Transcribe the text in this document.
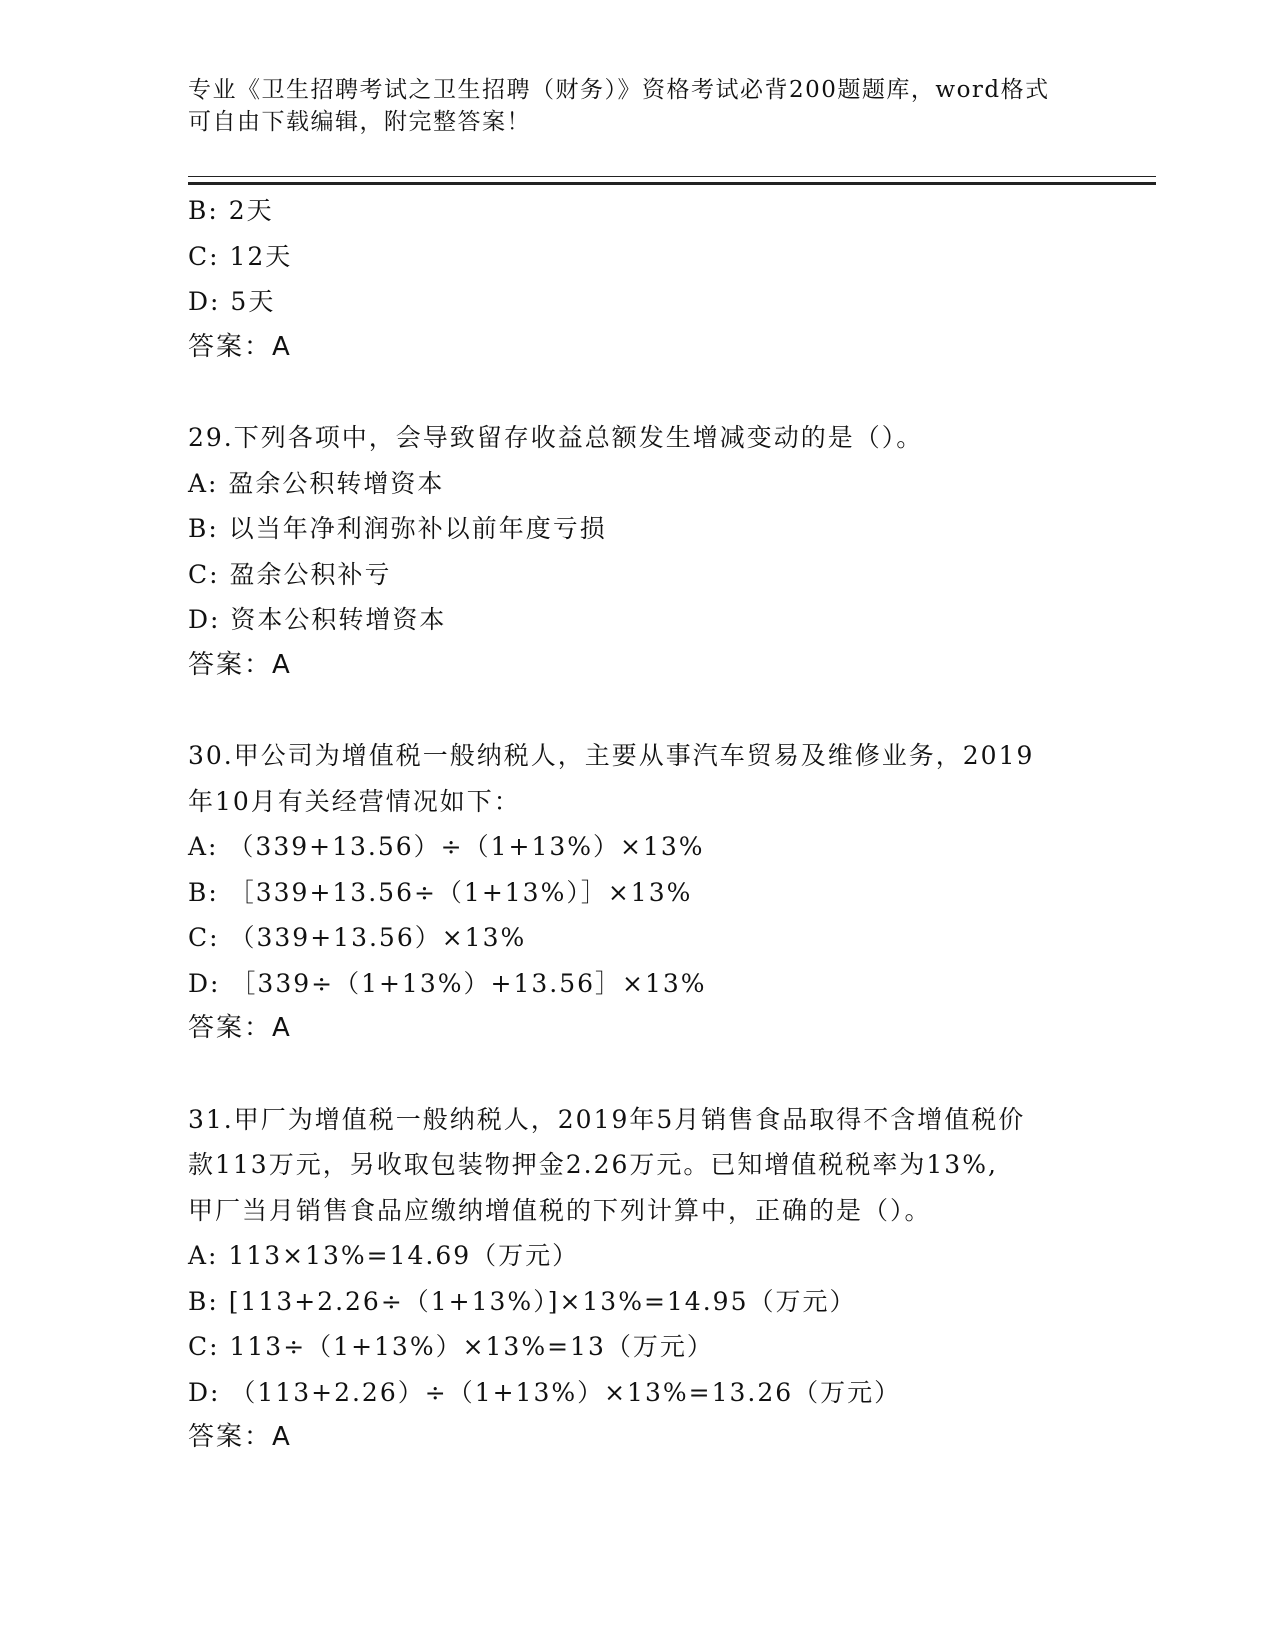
专业《卫生招聘考试之卫生招聘（财务）》资格考试必背200题题库，word格式
可自由下载编辑，附完整答案！
B: 2天
C: 12天
D: 5天
答案：A
29.下列各项中，会导致留存收益总额发生增减变动的是（）。
A: 盈余公积转增资本
B: 以当年净利润弥补以前年度亏损
C: 盈余公积补亏
D: 资本公积转增资本
答案：A
30.甲公司为增值税一般纳税人，主要从事汽车贸易及维修业务，2019
年10月有关经营情况如下：
A: （339+13.56）÷（1+13%）×13%
B: ［339+13.56÷（1+13%）］×13%
C: （339+13.56）×13%
D: ［339÷（1+13%）+13.56］×13%
答案：A
31.甲厂为增值税一般纳税人，2019年5月销售食品取得不含增值税价
款113万元，另收取包装物押金2.26万元。已知增值税税率为13%,
甲厂当月销售食品应缴纳增值税的下列计算中，正确的是（）。
A: 113×13%=14.69（万元）
B: [113+2.26÷（1+13%）]×13%=14.95（万元）
C: 113÷（1+13%）×13%=13（万元）
D: （113+2.26）÷（1+13%）×13%=13.26（万元）
答案：A
